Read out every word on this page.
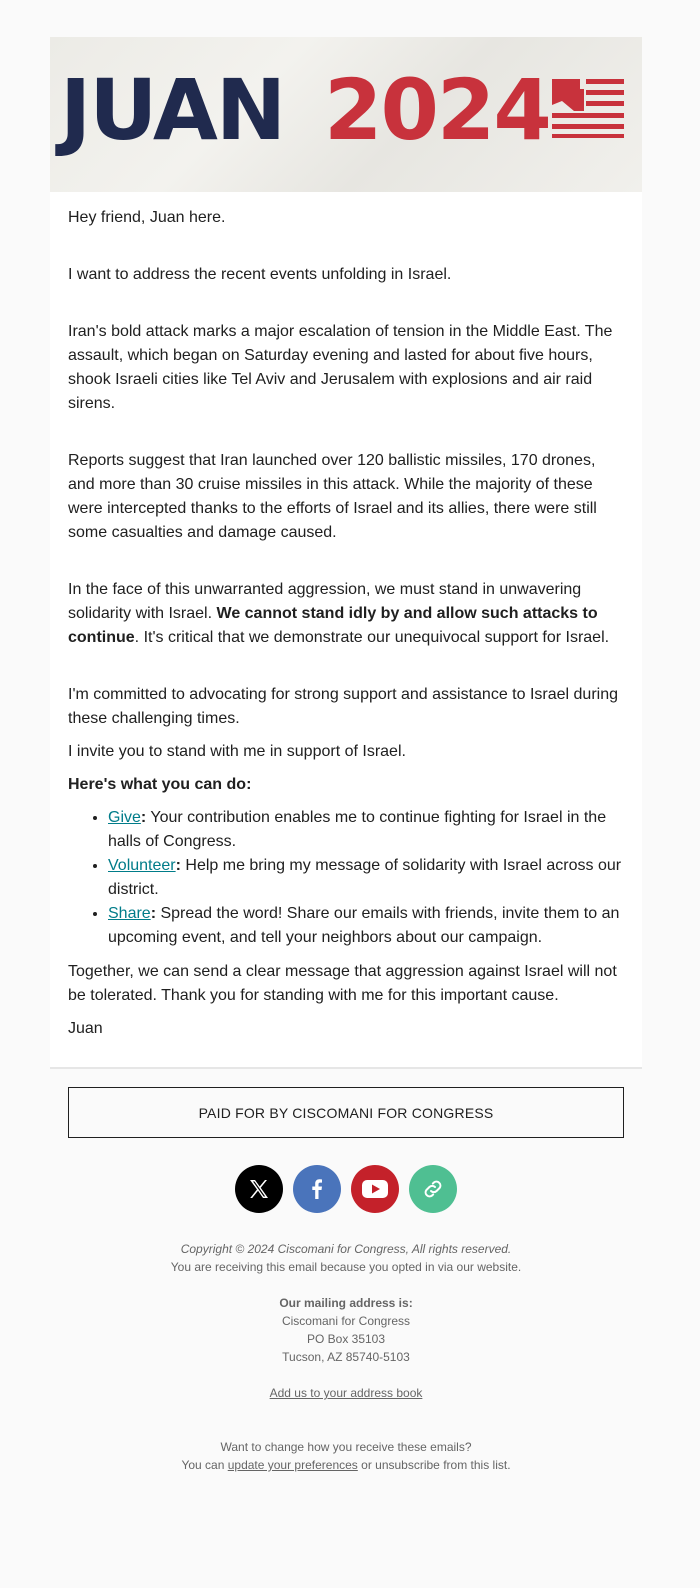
JUAN 2024

Hey friend, Juan here.

I want to address the recent events unfolding in Israel.

Iran's bold attack marks a major escalation of tension in the Middle East. The assault, which began on Saturday evening and lasted for about five hours, shook Israeli cities like Tel Aviv and Jerusalem with explosions and air raid sirens.

Reports suggest that Iran launched over 120 ballistic missiles, 170 drones, and more than 30 cruise missiles in this attack. While the majority of these were intercepted thanks to the efforts of Israel and its allies, there were still some casualties and damage caused.

In the face of this unwarranted aggression, we must stand in unwavering solidarity with Israel. We cannot stand idly by and allow such attacks to continue. It's critical that we demonstrate our unequivocal support for Israel.

I'm committed to advocating for strong support and assistance to Israel during these challenging times.

I invite you to stand with me in support of Israel.

Here's what you can do:

• Give: Your contribution enables me to continue fighting for Israel in the halls of Congress.
• Volunteer: Help me bring my message of solidarity with Israel across our district.
• Share: Spread the word! Share our emails with friends, invite them to an upcoming event, and tell your neighbors about our campaign.

Together, we can send a clear message that aggression against Israel will not be tolerated. Thank you for standing with me for this important cause.

Juan

PAID FOR BY CISCOMANI FOR CONGRESS
Copyright © 2024 Ciscomani for Congress, All rights reserved.
You are receiving this email because you opted in via our website.
Our mailing address is:
Ciscomani for Congress
PO Box 35103
Tucson, AZ 85740-5103
Add us to your address book
Want to change how you receive these emails?
You can update your preferences or unsubscribe from this list.
